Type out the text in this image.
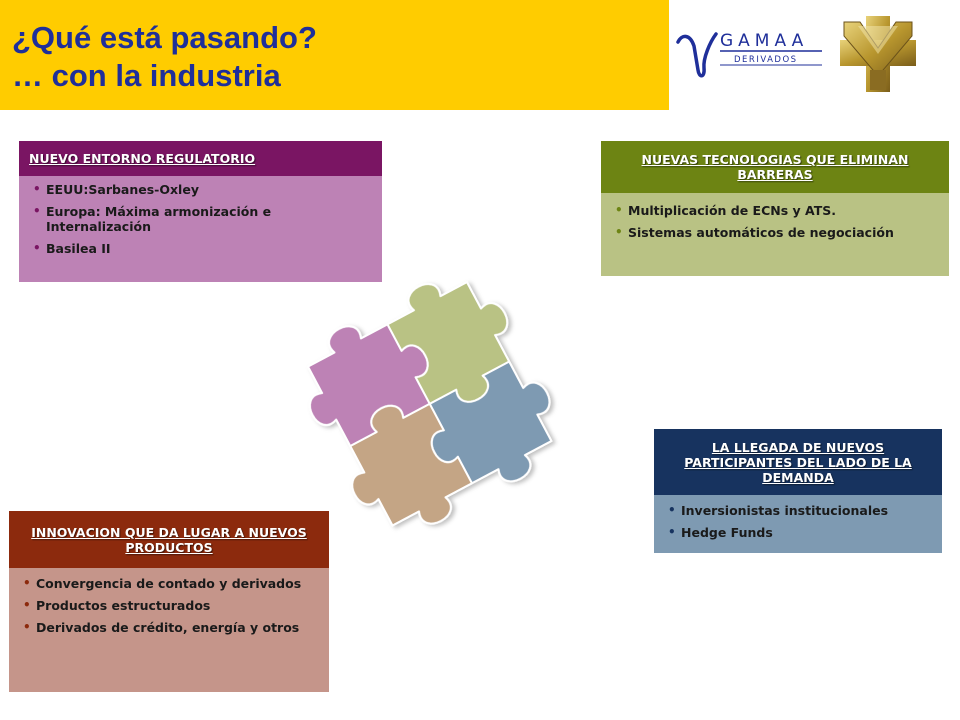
¿Qué está pasando?
… con la industria
GAMAA
DERIVADOS
NUEVO ENTORNO REGULATORIO
• EEUU:Sarbanes-Oxley
• Europa: Máxima armonización e Internalización
• Basilea II
NUEVAS TECNOLOGIAS QUE ELIMINAN BARRERAS
• Multiplicación de ECNs y ATS.
• Sistemas automáticos de negociación
LA LLEGADA DE NUEVOS PARTICIPANTES DEL LADO DE LA DEMANDA
• Inversionistas institucionales
• Hedge Funds
INNOVACION QUE DA LUGAR A NUEVOS PRODUCTOS
• Convergencia de contado y derivados
• Productos estructurados
• Derivados de crédito, energía y otros
